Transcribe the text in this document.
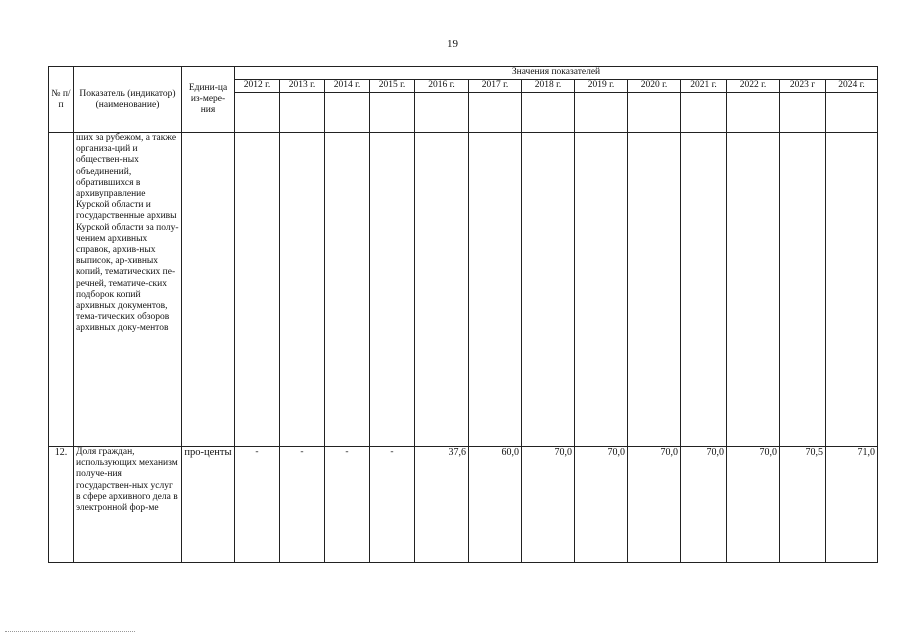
19
№ п/п	Показатель (индикатор) (наименование)	Едини-ца из-мере-ния	Значения показателей												
			2012 г.	2013 г.	2014 г.	2015 г.	2016 г.	2017 г.	2018 г.	2019 г.	2020 г.	2021 г.	2022 г.	2023 г	2024 г.

	ших за рубежом, а также организа-ций и обществен-ных объединений, обратившихся в архивуправление Курской области и государственные архивы Курской области за полу-чением архивных справок, архив-ных выписок, ар-хивных копий, тематических пе-речней, тематиче-ских подборок копий архивных документов, тема-тических обзоров архивных доку-ментов														
12.	Доля граждан, использующих механизм получе-ния государствен-ных услуг в сфере архивного дела в электронной фор-ме	про-центы	-	-	-	-	37,6	60,0	70,0	70,0	70,0	70,0	70,0	70,5	71,0
